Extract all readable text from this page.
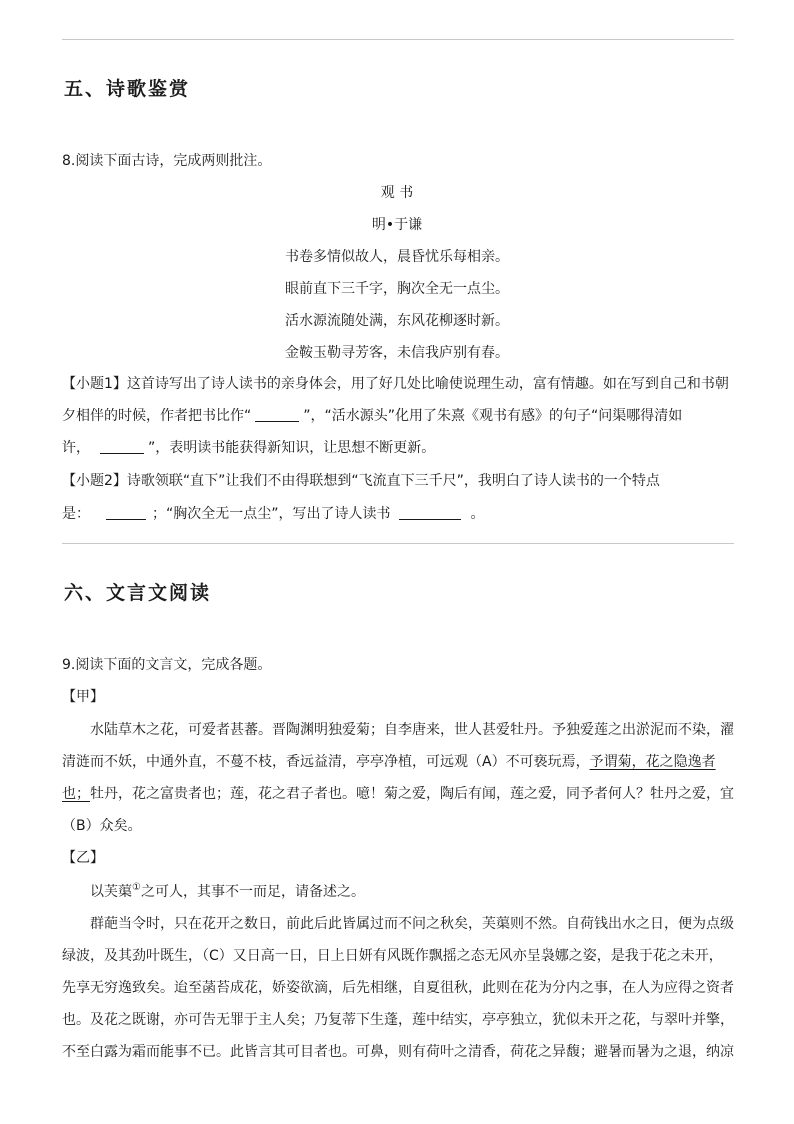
五、诗歌鉴赏
8.阅读下面古诗，完成两则批注。
观 书
明•于谦
书卷多情似故人，晨昏忧乐每相亲。
眼前直下三千字，胸次全无一点尘。
活水源流随处满，东风花柳逐时新。
金鞍玉勒寻芳客，未信我庐别有春。
【小题1】这首诗写出了诗人读书的亲身体会，用了好几处比喻使说理生动，富有情趣。如在写到自己和书朝
夕相伴的时候，作者把书比作“	”，“活水源头”化用了朱熹《观书有感》的句子“问渠哪得清如
许，	”，表明读书能获得新知识，让思想不断更新。
【小题2】诗歌领联“直下”让我们不由得联想到“飞流直下三千尺”，我明白了诗人读书的一个特点
是：	；“胸次全无一点尘”，写出了诗人读书	。
六、文言文阅读
9.阅读下面的文言文，完成各题。
【甲】
水陆草木之花，可爱者甚蕃。晋陶渊明独爱菊；自李唐来，世人甚爱牡丹。予独爱莲之出淤泥而不染，濯
清涟而不妖，中通外直，不蔓不枝，香远益清，亭亭净植，可远观（A）不可亵玩焉，予谓菊，花之隐逸者
也；牡丹，花之富贵者也；莲，花之君子者也。噫！菊之爱，陶后有闻，莲之爱，同予者何人？牡丹之爱，宜
（B）众矣。
【乙】
以芙蕖①之可人，其事不一而足，请备述之。
群葩当令时，只在花开之数日，前此后此皆属过而不问之秋矣，芙蕖则不然。自荷钱出水之日，便为点级
绿波，及其劲叶既生，（C）又日高一日，日上日妍有风既作飘摇之态无风亦呈袅娜之姿，是我于花之未开，
先享无穷逸致矣。迨至菡苔成花，娇姿欲滴，后先相继，自夏徂秋，此则在花为分内之事，在人为应得之资者
也。及花之既谢，亦可告无罪于主人矣；乃复蒂下生蓬，莲中结实，亭亭独立，犹似未开之花，与翠叶并擎，
不至白露为霜而能事不已。此皆言其可目者也。可鼻，则有荷叶之清香，荷花之异馥；避暑而暑为之退，纳凉
